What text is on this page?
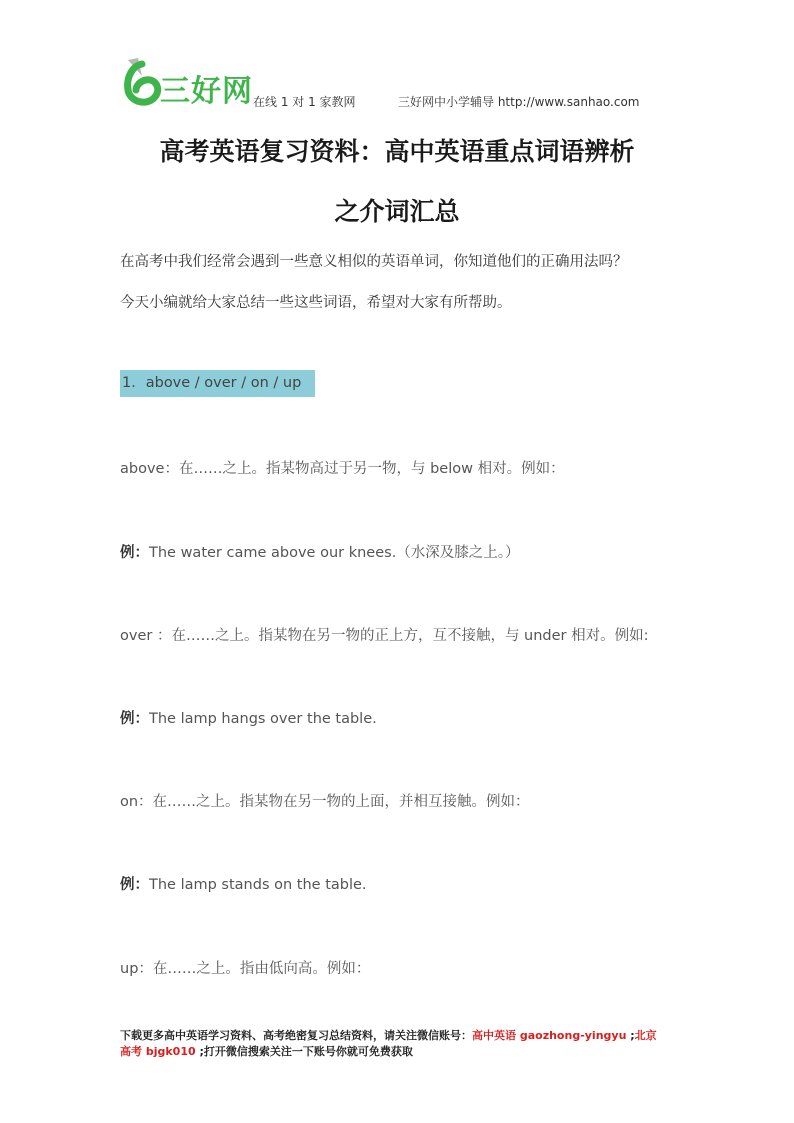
三好网 在线 1 对 1 家教网	三好网中小学辅导 http://www.sanhao.com
高考英语复习资料：高中英语重点词语辨析
之介词汇总
在高考中我们经常会遇到一些意义相似的英语单词，你知道他们的正确用法吗？
今天小编就给大家总结一些这些词语，希望对大家有所帮助。
1．above / over / on / up
above：在……之上。指某物高过于另一物，与 below 相对。例如：
例：The water came above our knees.（水深及膝之上。）
over ：在……之上。指某物在另一物的正上方，互不接触，与 under 相对。例如:
例：The lamp hangs over the table.
on：在……之上。指某物在另一物的上面，并相互接触。例如：
例：The lamp stands on the table.
up：在……之上。指由低向高。例如：
下载更多高中英语学习资料、高考绝密复习总结资料，请关注微信账号：高中英语 gaozhong-yingyu ;北京
高考 bjgk010 ;打开微信搜索关注一下账号你就可免费获取
